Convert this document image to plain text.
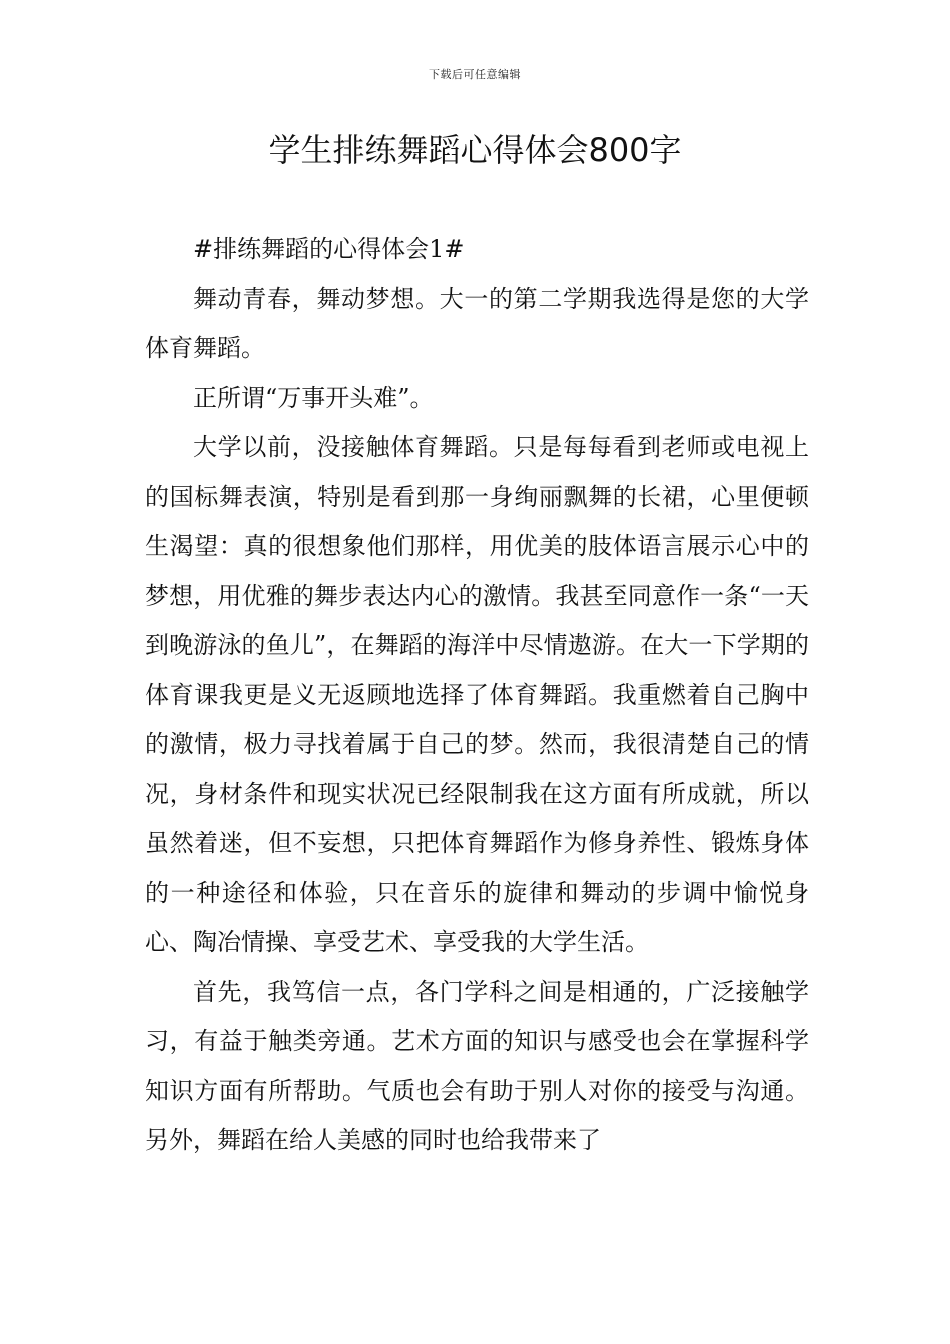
下载后可任意编辑
学生排练舞蹈心得体会800字

#排练舞蹈的心得体会1#

舞动青春，舞动梦想。大一的第二学期我选得是您的大学体育舞蹈。

正所谓“万事开头难”。

大学以前，没接触体育舞蹈。只是每每看到老师或电视上的国标舞表演，特别是看到那一身绚丽飘舞的长裙，心里便顿生渴望：真的很想象他们那样，用优美的肢体语言展示心中的梦想，用优雅的舞步表达内心的激情。我甚至同意作一条“一天到晚游泳的鱼儿”，在舞蹈的海洋中尽情遨游。在大一下学期的体育课我更是义无返顾地选择了体育舞蹈。我重燃着自己胸中的激情，极力寻找着属于自己的梦。然而，我很清楚自己的情况，身材条件和现实状况已经限制我在这方面有所成就，所以虽然着迷，但不妄想，只把体育舞蹈作为修身养性、锻炼身体的一种途径和体验，只在音乐的旋律和舞动的步调中愉悦身心、陶冶情操、享受艺术、享受我的大学生活。

首先，我笃信一点，各门学科之间是相通的，广泛接触学习，有益于触类旁通。艺术方面的知识与感受也会在掌握科学知识方面有所帮助。气质也会有助于别人对你的接受与沟通。另外，舞蹈在给人美感的同时也给我带来了
